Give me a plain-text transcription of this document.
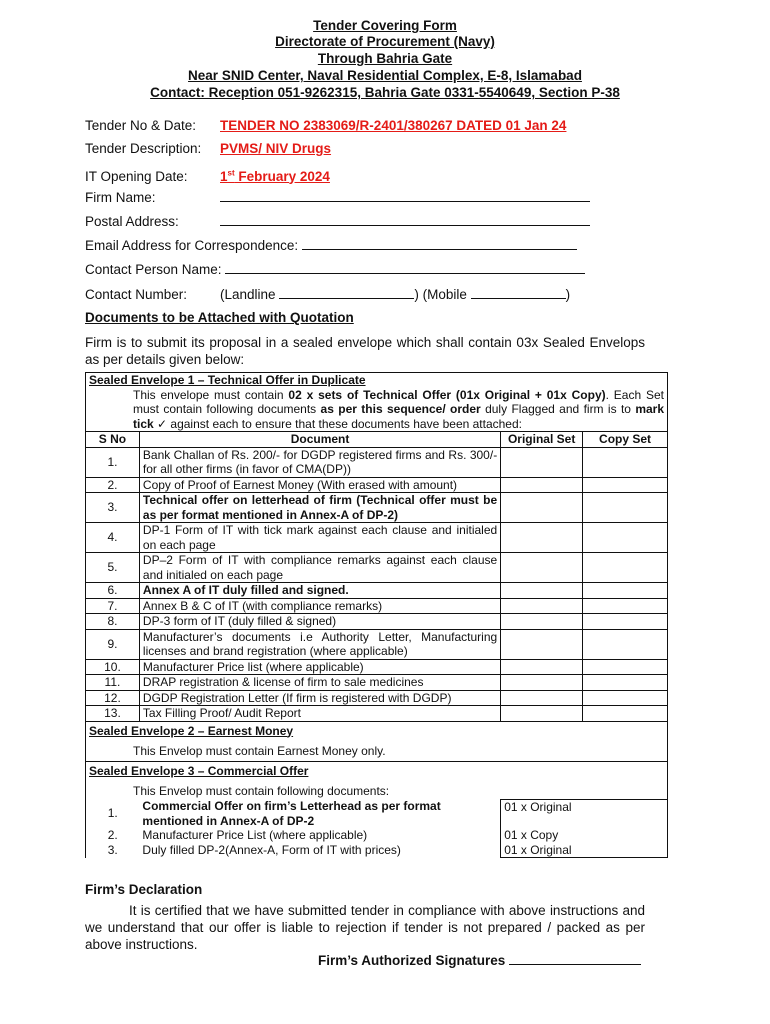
Tender Covering Form
Directorate of Procurement (Navy)
Through Bahria Gate
Near SNID Center, Naval Residential Complex, E-8, Islamabad
Contact: Reception 051-9262315, Bahria Gate 0331-5540649, Section P-38
Tender No & Date: TENDER NO 2383069/R-2401/380267 DATED 01 Jan 24
Tender Description: PVMS/ NIV Drugs
IT Opening Date: 1st February 2024
Firm Name:
Postal Address:
Email Address for Correspondence:
Contact Person Name:
Contact Number: (Landline	) (Mobile	)
Documents to be Attached with Quotation
Firm is to submit its proposal in a sealed envelope which shall contain 03x Sealed Envelops as per details given below:
Sealed Envelope 1 – Technical Offer in Duplicate
This envelope must contain 02 x sets of Technical Offer (01x Original + 01x Copy). Each Set must contain following documents as per this sequence/ order duly Flagged and firm is to mark tick ✓ against each to ensure that these documents have been attached:			

S No	Document	Original Set	Copy Set
1.	Bank Challan of Rs. 200/- for DGDP registered firms and Rs. 300/- for all other firms (in favor of CMA(DP))		
2.	Copy of Proof of Earnest Money (With erased with amount)		
3.	Technical offer on letterhead of firm (Technical offer must be as per format mentioned in Annex-A of DP-2)		
4.	DP-1 Form of IT with tick mark against each clause and initialed on each page		
5.	DP–2 Form of IT with compliance remarks against each clause and initialed on each page		
6.	Annex A of IT duly filled and signed.		
7.	Annex B & C of IT (with compliance remarks)		
8.	DP-3 form of IT (duly filled & signed)		
9.	Manufacturer’s documents i.e Authority Letter, Manufacturing licenses and brand registration (where applicable)		
10.	Manufacturer Price list (where applicable)		
11.	DRAP registration & license of firm to sale medicines		
12.	DGDP Registration Letter (If firm is registered with DGDP)		
13.	Tax Filling Proof/ Audit Report		

Sealed Envelope 2 – Earnest Money
This Envelop must contain Earnest Money only.			

Sealed Envelope 3 – Commercial Offer
This Envelop must contain following documents:			

1.	Commercial Offer on firm’s Letterhead as per format mentioned in Annex-A of DP-2	01 x Original	
2.	Manufacturer Price List (where applicable)	01 x Copy	
3.	Duly filled DP-2(Annex-A, Form of IT with prices)	01 x Original	
Firm’s Declaration
It is certified that we have submitted tender in compliance with above instructions and we understand that our offer is liable to rejection if tender is not prepared / packed as per above instructions.
Firm’s Authorized Signatures
